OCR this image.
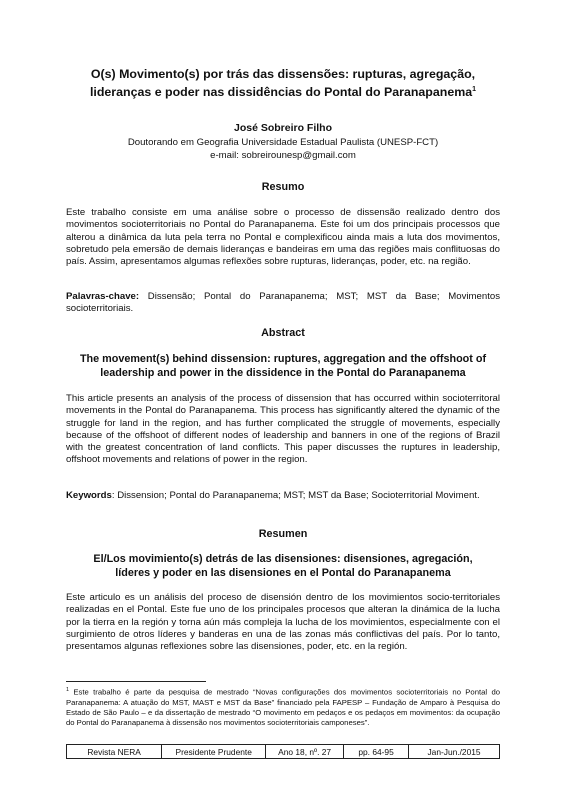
O(s) Movimento(s) por trás das dissensões: rupturas, agregação,
lideranças e poder nas dissidências do Pontal do Paranapanema$^1$
José Sobreiro Filho
Doutorando em Geografia Universidade Estadual Paulista (UNESP-FCT)
e-mail: sobreirounesp@gmail.com
Resumo
Este trabalho consiste em uma análise sobre o processo de dissensão realizado dentro dos movimentos socioterritoriais no Pontal do Paranapanema. Este foi um dos principais processos que alterou a dinâmica da luta pela terra no Pontal e complexificou ainda mais a luta dos movimentos, sobretudo pela emersão de demais lideranças e bandeiras em uma das regiões mais conflituosas do país. Assim, apresentamos algumas reflexões sobre rupturas, lideranças, poder, etc. na região.
Palavras-chave: Dissensão; Pontal do Paranapanema; MST; MST da Base; Movimentos socioterritoriais.
Abstract
The movement(s) behind dissension: ruptures, aggregation and the offshoot of
leadership and power in the dissidence in the Pontal do Paranapanema
This article presents an analysis of the process of dissension that has occurred within socioterritoral movements in the Pontal do Paranapanema. This process has significantly altered the dynamic of the struggle for land in the region, and has further complicated the struggle of movements, especially because of the offshoot of different nodes of leadership and banners in one of the regions of Brazil with the greatest concentration of land conflicts. This paper discusses the ruptures in leadership, offshoot movements and relations of power in the region.
Keywords: Dissension; Pontal do Paranapanema; MST; MST da Base; Socioterritorial Moviment.
Resumen
El/Los movimiento(s) detrás de las disensiones: disensiones, agregación,
líderes y poder en las disensiones en el Pontal do Paranapanema
Este articulo es un análisis del proceso de disensión dentro de los movimientos socio-territoriales realizadas en el Pontal. Este fue uno de los principales procesos que alteran la dinámica de la lucha por la tierra en la región y torna aún más compleja la lucha de los movimientos, especialmente con el surgimiento de otros líderes y banderas en una de las zonas más conflictivas del país. Por lo tanto, presentamos algunas reflexiones sobre las disensiones, poder, etc. en la región.
$^1$ Este trabalho é parte da pesquisa de mestrado “Novas configurações dos movimentos socioterritoriais no Pontal do Paranapanema: A atuação do MST, MAST e MST da Base” financiado pela FAPESP – Fundação de Amparo à Pesquisa do Estado de São Paulo – e da dissertação de mestrado “O movimento em pedaços e os pedaços em movimentos: da ocupação do Pontal do Paranapanema à dissensão nos movimentos socioterritoriais camponeses”.
Revista NERA	Presidente Prudente	Ano 18, nº. 27	pp. 64-95	Jan-Jun./2015
